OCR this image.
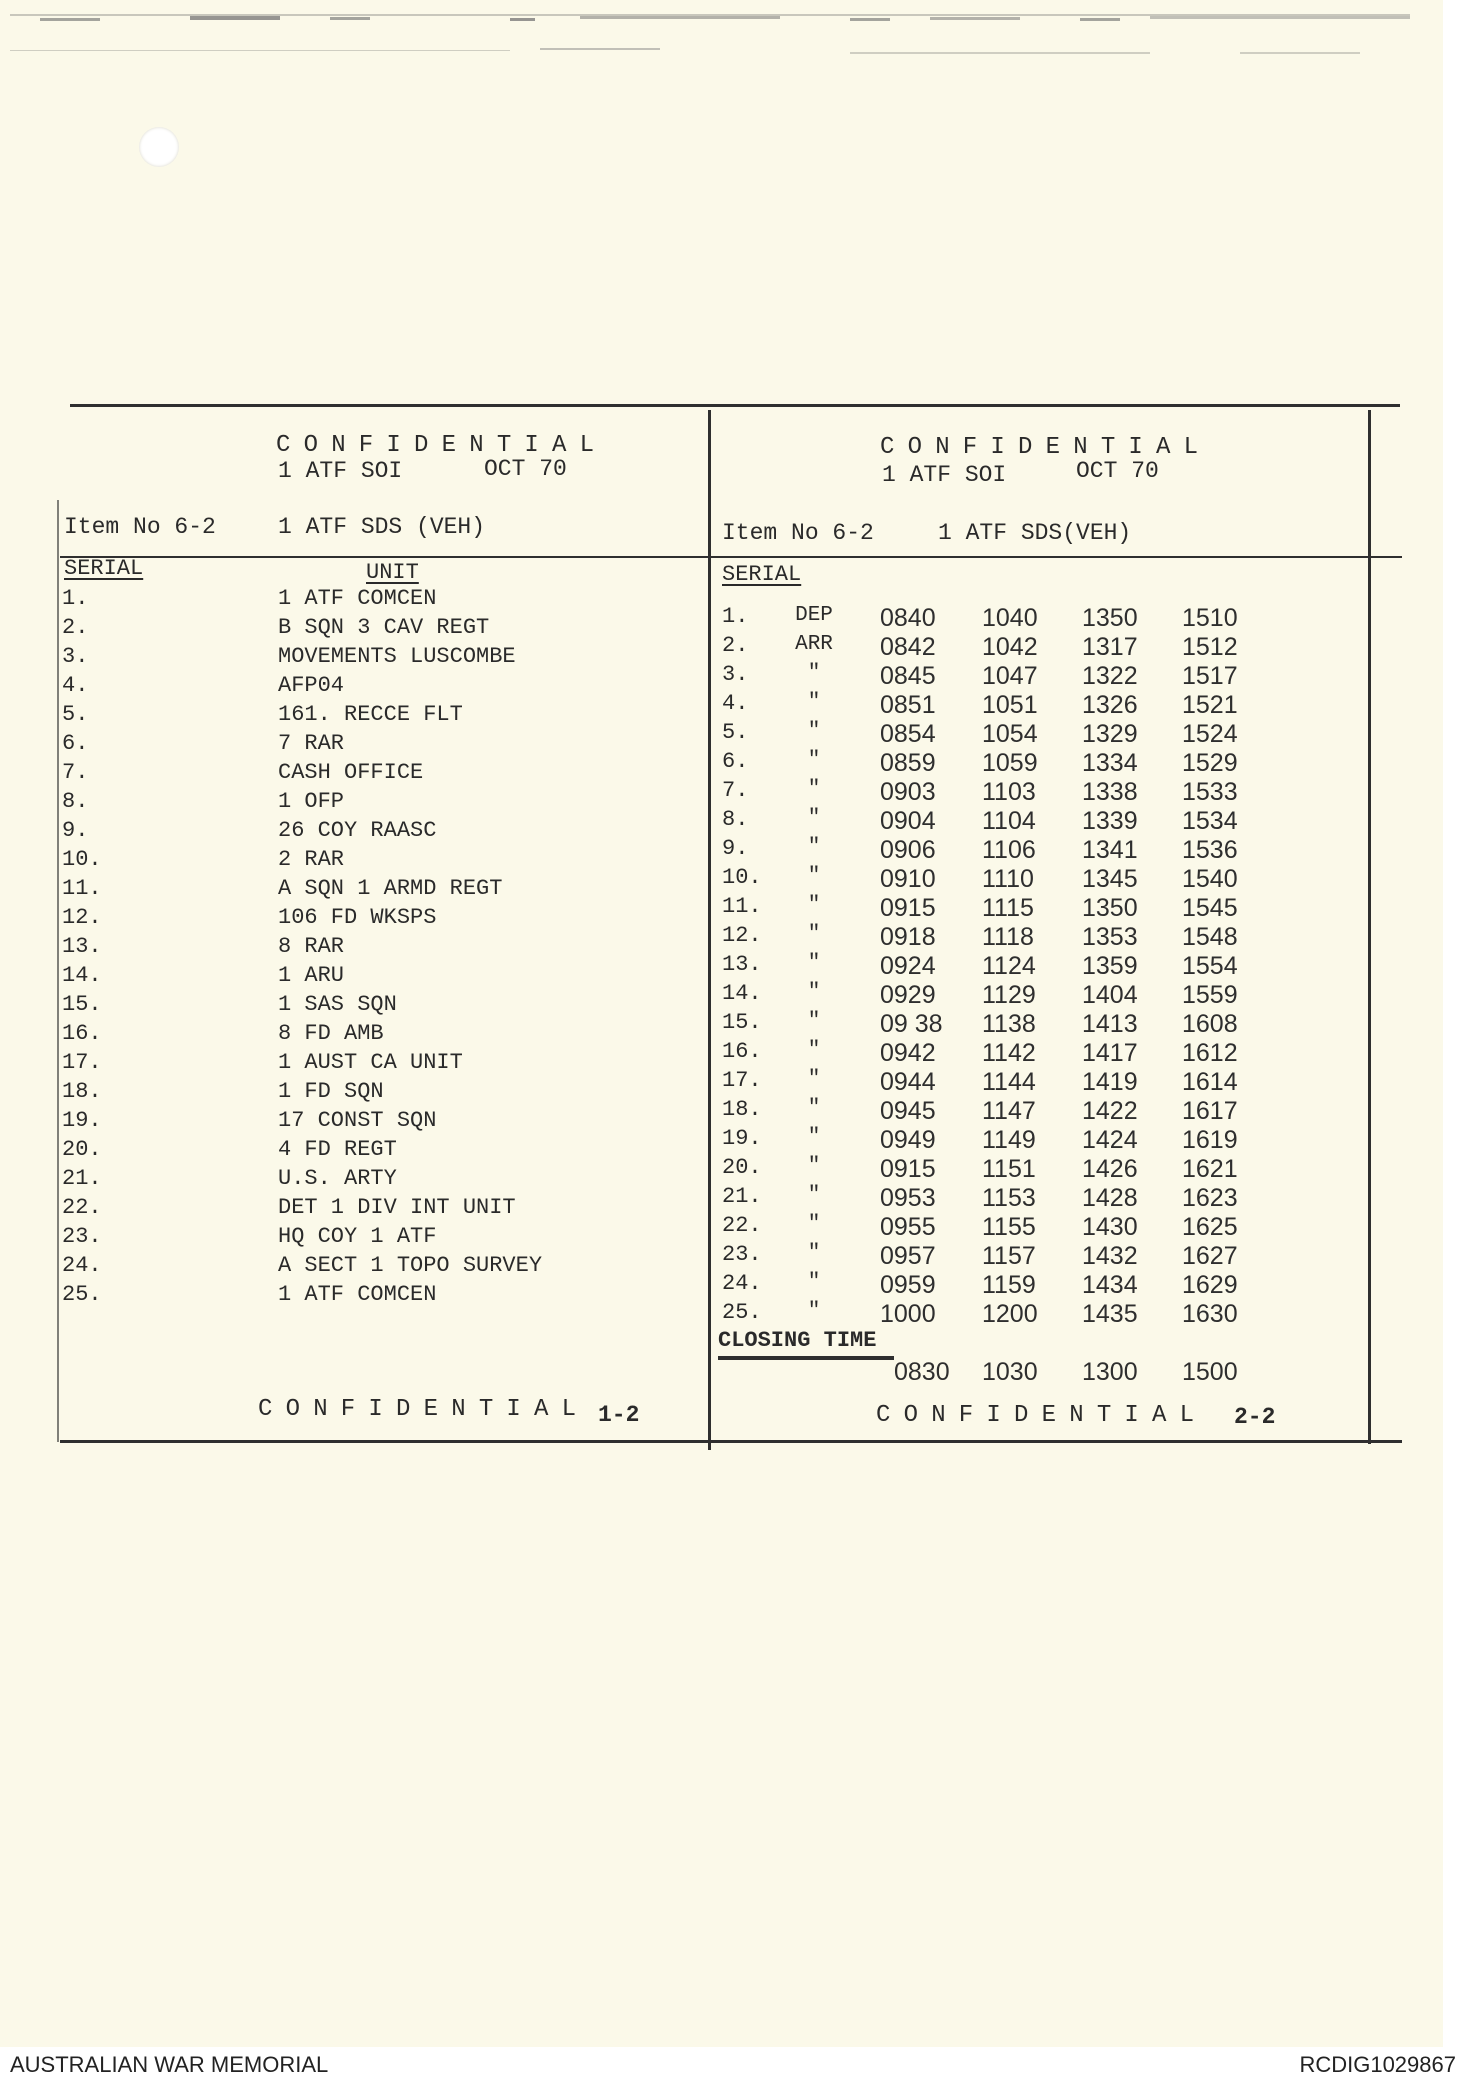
CONFIDENTIAL
1 ATF SOI	OCT 70
Item No 6-2	1 ATF SDS (VEH)
SERIAL	UNIT
1.	1 ATF COMCEN
2.	B SQN 3 CAV REGT
3.	MOVEMENTS LUSCOMBE
4.	AFP04
5.	161. RECCE FLT
6.	7 RAR
7.	CASH OFFICE
8.	1 OFP
9.	26 COY RAASC
10.	2 RAR
11.	A SQN 1 ARMD REGT
12.	106 FD WKSPS
13.	8 RAR
14.	1 ARU
15.	1 SAS SQN
16.	8 FD AMB
17.	1 AUST CA UNIT
18.	1 FD SQN
19.	17 CONST SQN
20.	4 FD REGT
21.	U.S. ARTY
22.	DET 1 DIV INT UNIT
23.	HQ COY 1 ATF
24.	A SECT 1 TOPO SURVEY
25.	1 ATF COMCEN
CONFIDENTIAL 1-2
CONFIDENTIAL
1 ATF SOI	OCT 70
Item No 6-2	1 ATF SDS(VEH)
SERIAL
1.	DEP	0840	1040	1350	1510
2.	ARR	0842	1042	1317	1512
3.	"	0845	1047	1322	1517
4.	"	0851	1051	1326	1521
5.	"	0854	1054	1329	1524
6.	"	0859	1059	1334	1529
7.	"	0903	1103	1338	1533
8.	"	0904	1104	1339	1534
9.	"	0906	1106	1341	1536
10.	"	0910	1110	1345	1540
11.	"	0915	1115	1350	1545
12.	"	0918	1118	1353	1548
13.	"	0924	1124	1359	1554
14.	"	0929	1129	1404	1559
15.	"	09 38	1138	1413	1608
16.	"	0942	1142	1417	1612
17.	"	0944	1144	1419	1614
18.	"	0945	1147	1422	1617
19.	"	0949	1149	1424	1619
20.	"	0915	1151	1426	1621
21.	"	0953	1153	1428	1623
22.	"	0955	1155	1430	1625
23.	"	0957	1157	1432	1627
24.	"	0959	1159	1434	1629
25.	"	1000	1200	1435	1630
CLOSING TIME
0830 1030 1300 1500
CONFIDENTIAL 2-2
AUSTRALIAN WAR MEMORIAL	RCDIG1029867
